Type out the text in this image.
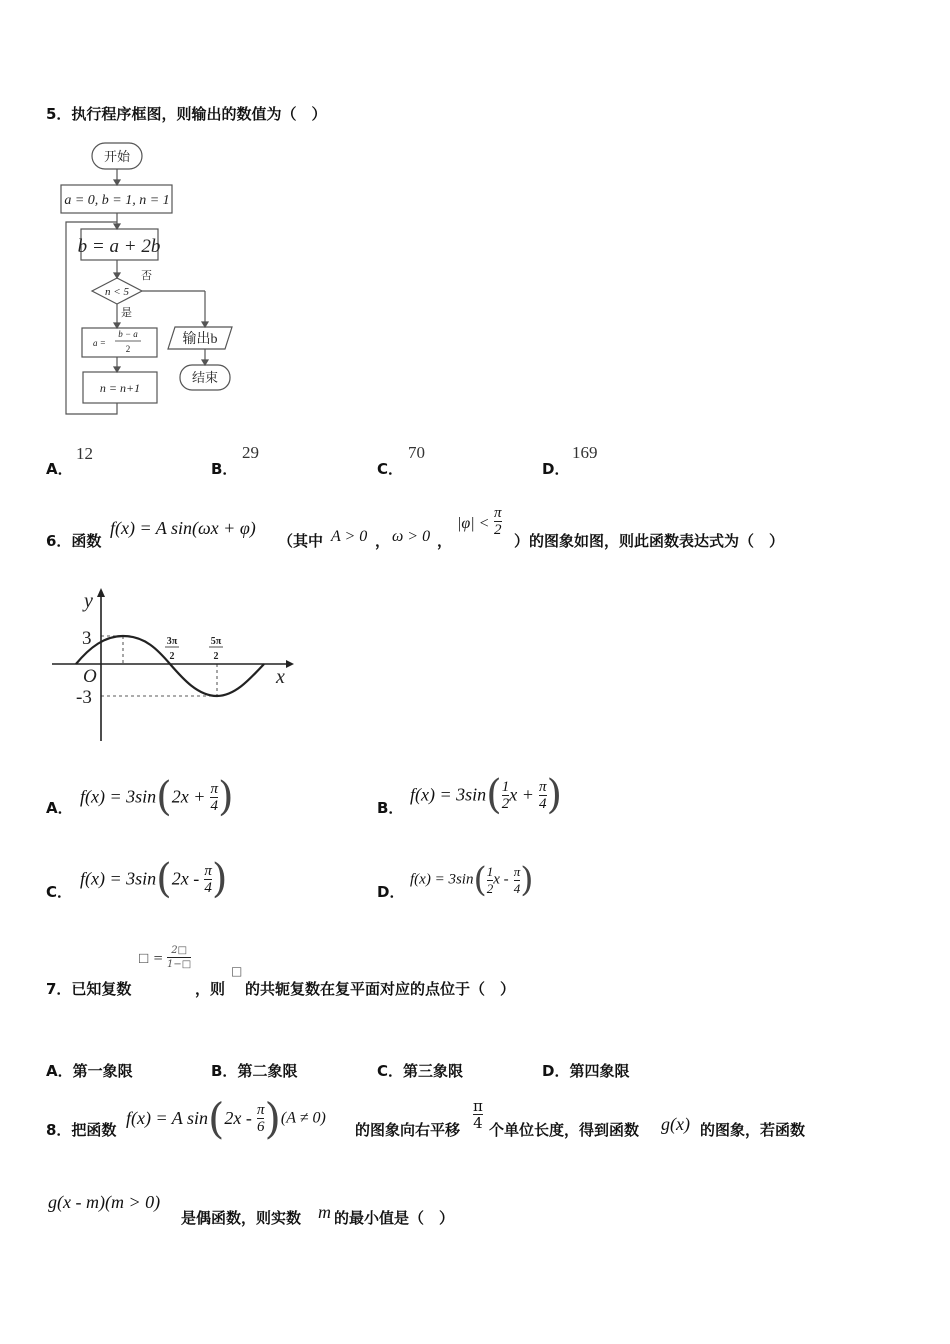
5．执行程序框图，则输出的数值为（　）
开始
a = 0, b = 1, n = 1
b = a + 2b
n < 5
否
是
a =
b − a
2
n = n+1
输出b
结束
A．
12
B．
29
C．
70
D．
169
6．函数
f(x) = A sin(ωx + φ)
（其中 A > 0 ， ω > 0 ，
$|\varphi| < \frac{\pi}{2}$
）的图象如图，则此函数表达式为（　）
y
x
O
3
-3
3π
2
5π
2
A．
$f(x) = 3\sin(2x + \frac{\pi}{4}$ )	B．
$f(x) = 3\sin( \frac{1}{2}$ $x + \frac{\pi}{4}$ )
C．
$f(x) = 3\sin(2x - \frac{\pi}{4}$ )	D．
$f(x) = 3\sin( \frac{1}{2}$ x - $\frac{\pi}{4}$ )
7．已知复数
□ = $\frac{2□}{1-□}$
，则
□
的共轭复数在复平面对应的点位于（　）
A．第一象限	B．第二象限	C．第三象限	D．第四象限
8．把函数
f(x) = A $\sin(2x - \frac{\pi}{6} )(A \ne 0)$
的图象向右平移 $\frac{\pi}{4}$ 个单位长度，得到函数 g(x) 的图象，若函数
g(x - m)(m > 0)
是偶函数，则实数 m 的最小值是（　）
